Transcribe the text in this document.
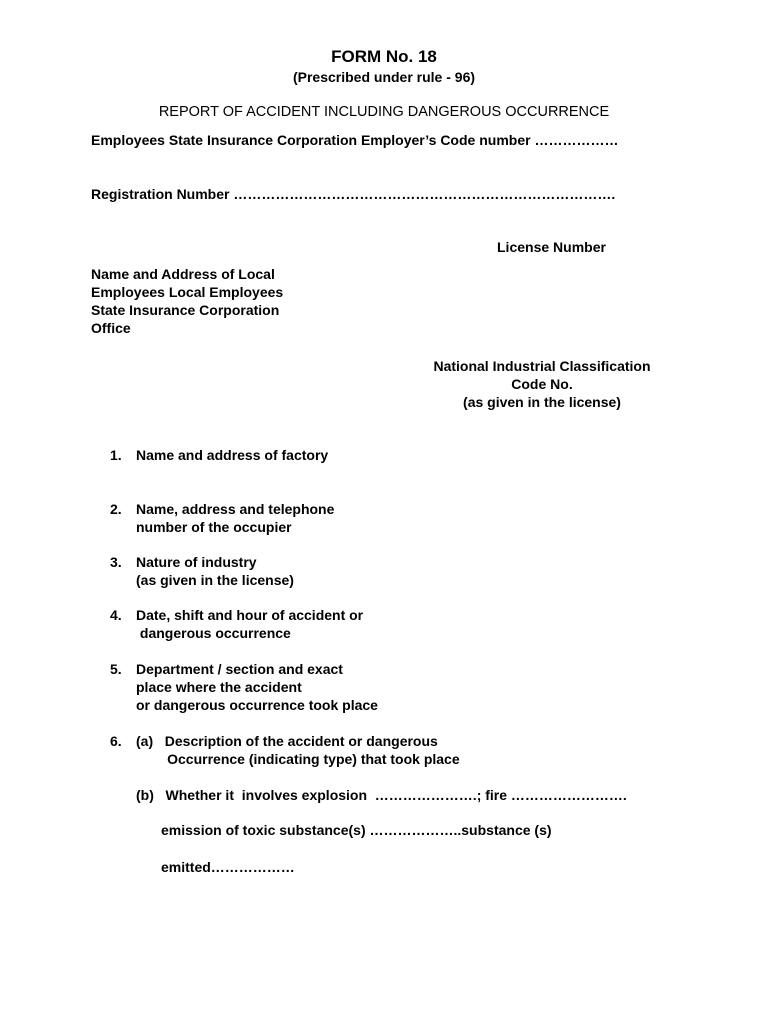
FORM No. 18
(Prescribed under rule - 96)
REPORT OF ACCIDENT INCLUDING DANGEROUS OCCURRENCE
Employees State Insurance Corporation Employer’s Code number ………………
Registration Number ……………………………………………………………………….
License Number
Name and Address of Local
Employees Local Employees
State Insurance Corporation
Office
National Industrial Classification
Code No.
(as given in the license)
1. Name and address of factory
2. Name, address and telephone
number of the occupier
3. Nature of industry
(as given in the license)
4. Date, shift and hour of accident or
dangerous occurrence
5. Department / section and exact
place where the accident
or dangerous occurrence took place
6. (a)   Description of the accident or dangerous
Occurrence (indicating type) that took place
(b)   Whether it  involves explosion  ………………….; fire …………………….
emission of toxic substance(s) ………………..substance (s)
emitted………………
